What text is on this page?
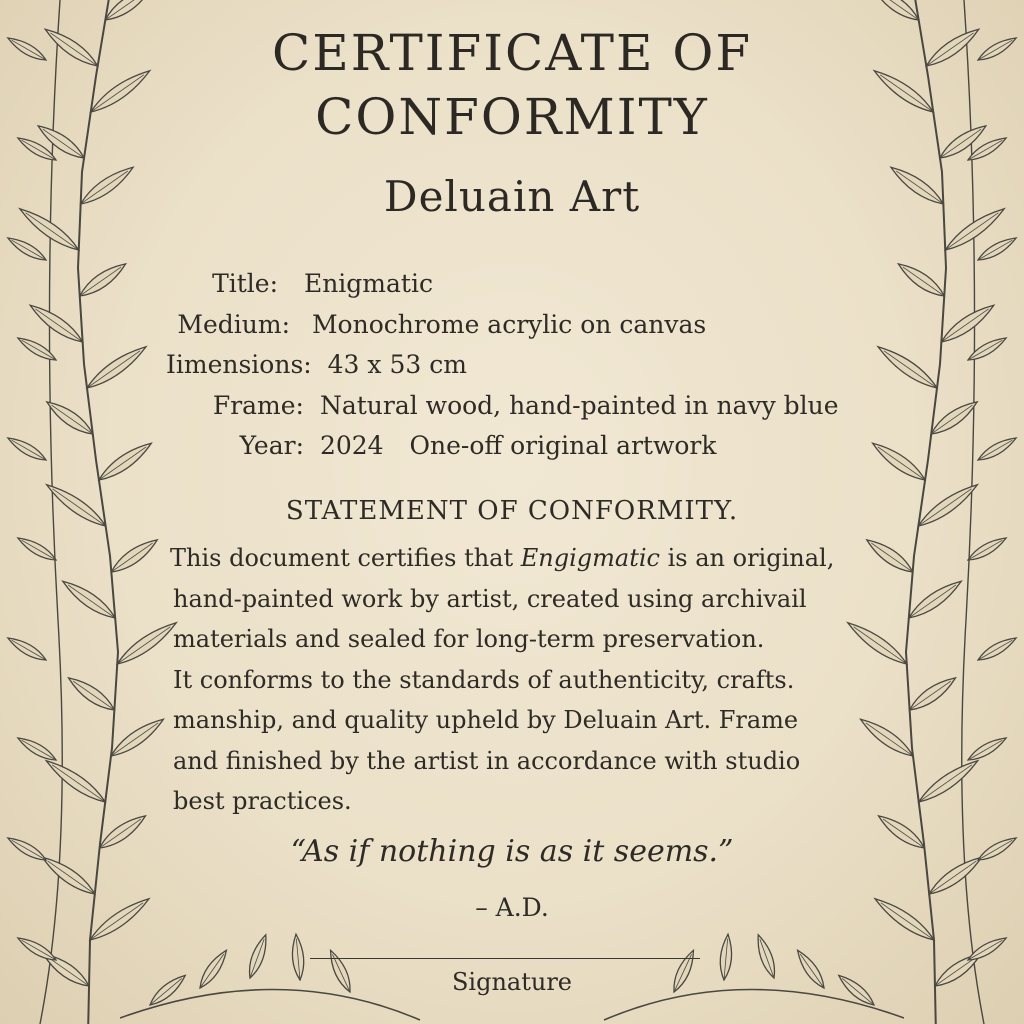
CERTIFICATE OF
CONFORMITY
Deluain Art
Title: Enigmatic
Medium: Monochrome acrylic on canvas
Iimensions: 43 x 53 cm
Frame: Natural wood, hand-painted in navy blue
Year: 2024 One-off original artwork
STATEMENT OF CONFORMITY.
This document certifies that Engigmatic is an original,
hand-painted work by artist, created using archivail
materials and sealed for long-term preservation.
It conforms to the standards of authenticity, crafts.
manship, and quality upheld by Deluain Art. Frame
and finished by the artist in accordance with studio
best practices.
“As if nothing is as it seems.”
– A.D.
Signature
